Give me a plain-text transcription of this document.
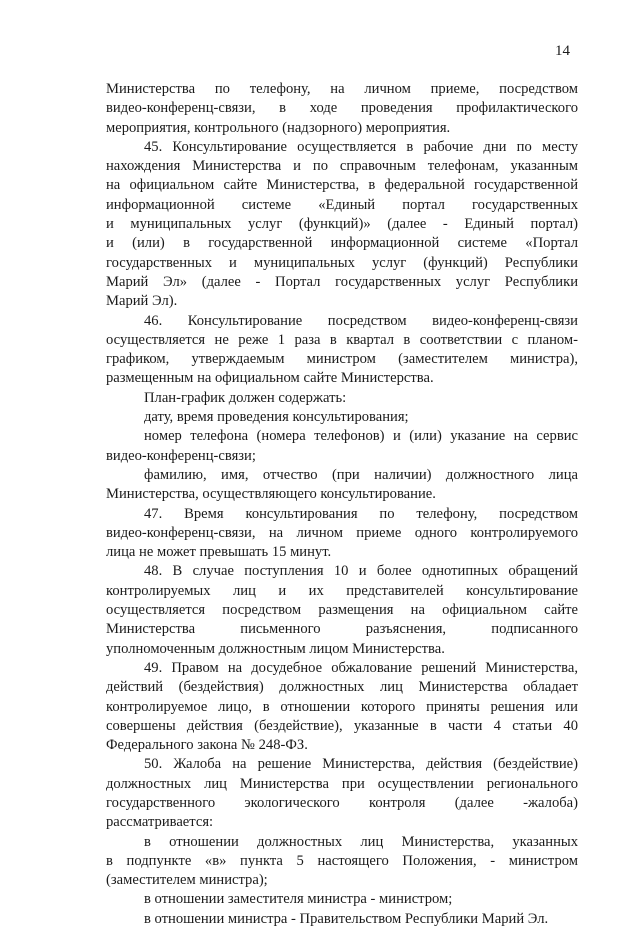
14
Министерства по телефону, на личном приеме, посредством
видео-конференц-связи, в ходе проведения профилактического
мероприятия, контрольного (надзорного) мероприятия.
45. Консультирование осуществляется в рабочие дни по месту
нахождения Министерства и по справочным телефонам, указанным
на официальном сайте Министерства, в федеральной государственной
информационной системе «Единый портал государственных
и муниципальных услуг (функций)» (далее - Единый портал)
и (или) в государственной информационной системе «Портал
государственных и муниципальных услуг (функций) Республики
Марий Эл» (далее - Портал государственных услуг Республики
Марий Эл).
46. Консультирование посредством видео-конференц-связи
осуществляется не реже 1 раза в квартал в соответствии с планом-
графиком, утверждаемым министром (заместителем министра),
размещенным на официальном сайте Министерства.
План-график должен содержать:
дату, время проведения консультирования;
номер телефона (номера телефонов) и (или) указание на сервис
видео-конференц-связи;
фамилию, имя, отчество (при наличии) должностного лица
Министерства, осуществляющего консультирование.
47. Время консультирования по телефону, посредством
видео-конференц-связи, на личном приеме одного контролируемого
лица не может превышать 15 минут.
48. В случае поступления 10 и более однотипных обращений
контролируемых лиц и их представителей консультирование
осуществляется посредством размещения на официальном сайте
Министерства письменного разъяснения, подписанного
уполномоченным должностным лицом Министерства.
49. Правом на досудебное обжалование решений Министерства,
действий (бездействия) должностных лиц Министерства обладает
контролируемое лицо, в отношении которого приняты решения или
совершены действия (бездействие), указанные в части 4 статьи 40
Федерального закона № 248-ФЗ.
50. Жалоба на решение Министерства, действия (бездействие)
должностных лиц Министерства при осуществлении регионального
государственного экологического контроля (далее -жалоба)
рассматривается:
в отношении должностных лиц Министерства, указанных
в подпункте «в» пункта 5 настоящего Положения, - министром
(заместителем министра);
в отношении заместителя министра - министром;
в отношении министра - Правительством Республики Марий Эл.
